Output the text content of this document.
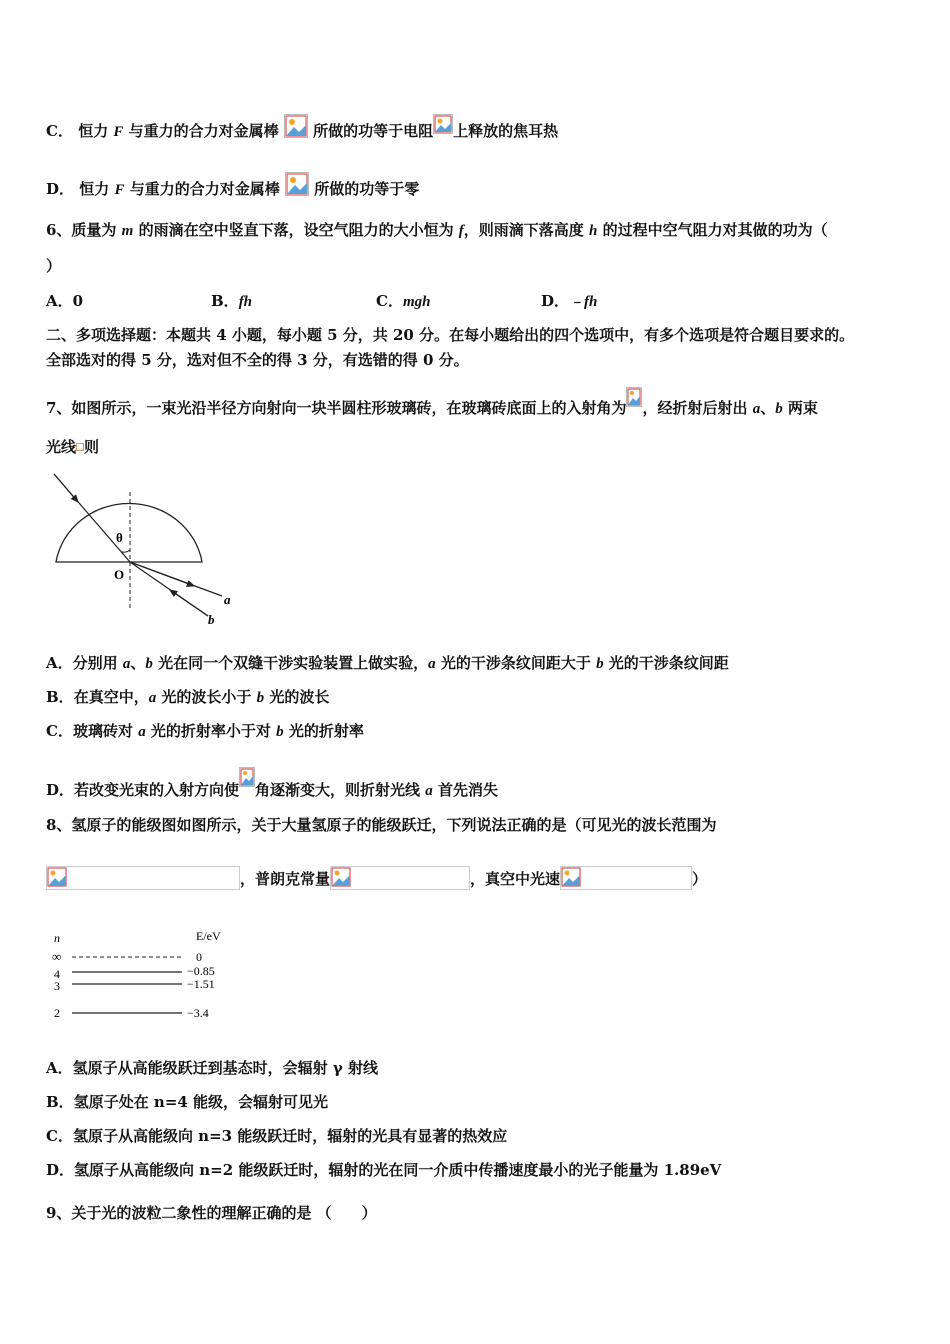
C． 恒力 F 与重力的合力对金属棒 所做的功等于电阻 上释放的焦耳热
D． 恒力 F 与重力的合力对金属棒 所做的功等于零
6、质量为 m 的雨滴在空中竖直下落，设空气阻力的大小恒为 f，则雨滴下落高度 h 的过程中空气阻力对其做的功为（
）
A．0	B．fh	C．mgh	D．﹣fh
二、多项选择题：本题共 4 小题，每小题 5 分，共 20 分。在每小题给出的四个选项中，有多个选项是符合题目要求的。
全部选对的得 5 分，选对但不全的得 3 分，有选错的得 0 分。
7、如图所示，一束光沿半径方向射向一块半圆柱形玻璃砖，在玻璃砖底面上的入射角为 ，经折射后射出 a、b 两束
光线 则
θ
O
a
b
A．分别用 a、b 光在同一个双缝干涉实验装置上做实验，a 光的干涉条纹间距大于 b 光的干涉条纹间距
B．在真空中，a 光的波长小于 b 光的波长
C．玻璃砖对 a 光的折射率小于对 b 光的折射率
D．若改变光束的入射方向使 角逐渐变大，则折射光线 a 首先消失
8、氢原子的能级图如图所示，关于大量氢原子的能级跃迁，下列说法正确的是（可见光的波长范围为
，普朗克常量	，真空中光速	）
n	E/eV
∞	0
4	−0.85
3	−1.51
2	−3.4
A．氢原子从高能级跃迁到基态时，会辐射 γ 射线
B．氢原子处在 n=4 能级，会辐射可见光
C．氢原子从高能级向 n=3 能级跃迁时，辐射的光具有显著的热效应
D．氢原子从高能级向 n=2 能级跃迁时，辐射的光在同一介质中传播速度最小的光子能量为 1.89eV
9、关于光的波粒二象性的理解正确的是 （　　）
